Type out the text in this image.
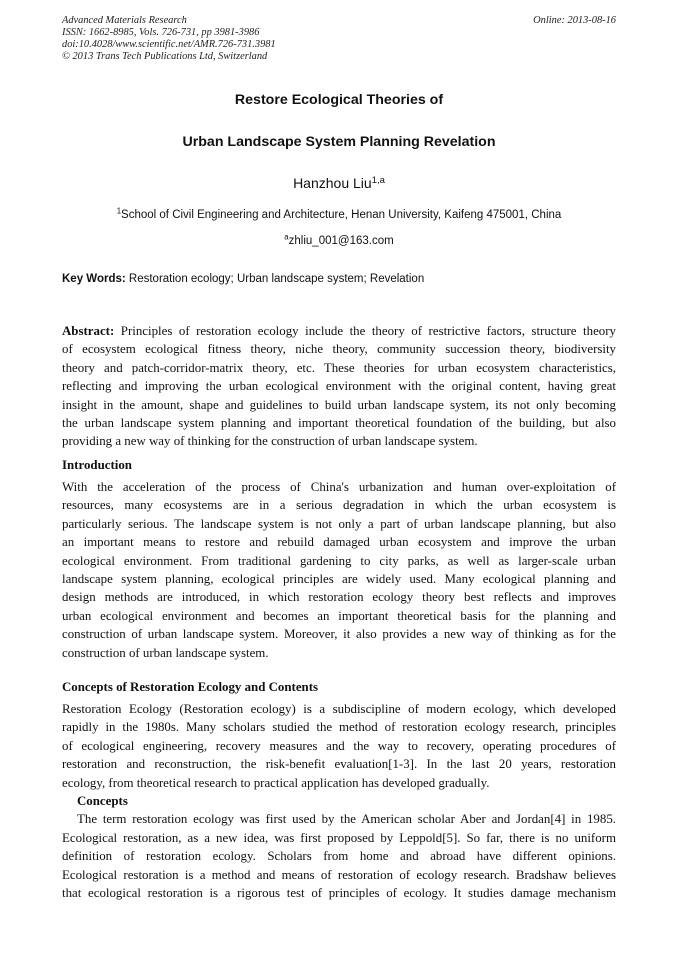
Advanced Materials Research
ISSN: 1662-8985, Vols. 726-731, pp 3981-3986
doi:10.4028/www.scientific.net/AMR.726-731.3981
© 2013 Trans Tech Publications Ltd, Switzerland
Online: 2013-08-16
Restore Ecological Theories of
Urban Landscape System Planning Revelation
Hanzhou Liu$^{1,a}$
$^1$School of Civil Engineering and Architecture, Henan University, Kaifeng 475001, China
$^a$zhliu_001@163.com
Key Words: Restoration ecology; Urban landscape system; Revelation
Abstract: Principles of restoration ecology include the theory of restrictive factors, structure theory
of ecosystem ecological fitness theory, niche theory, community succession theory, biodiversity
theory and patch-corridor-matrix theory, etc. These theories for urban ecosystem characteristics,
reflecting and improving the urban ecological environment with the original content, having great
insight in the amount, shape and guidelines to build urban landscape system, its not only becoming
the urban landscape system planning and important theoretical foundation of the building, but also
providing a new way of thinking for the construction of urban landscape system.
Introduction
With the acceleration of the process of China's urbanization and human over-exploitation of
resources, many ecosystems are in a serious degradation in which the urban ecosystem is
particularly serious. The landscape system is not only a part of urban landscape planning, but also
an important means to restore and rebuild damaged urban ecosystem and improve the urban
ecological environment. From traditional gardening to city parks, as well as larger-scale urban
landscape system planning, ecological principles are widely used. Many ecological planning and
design methods are introduced, in which restoration ecology theory best reflects and improves
urban ecological environment and becomes an important theoretical basis for the planning and
construction of urban landscape system. Moreover, it also provides a new way of thinking as for the
construction of urban landscape system.
Concepts of Restoration Ecology and Contents
Restoration Ecology (Restoration ecology) is a subdiscipline of modern ecology, which developed
rapidly in the 1980s. Many scholars studied the method of restoration ecology research, principles
of ecological engineering, recovery measures and the way to recovery, operating procedures of
restoration and reconstruction, the risk-benefit evaluation[1-3]. In the last 20 years, restoration
ecology, from theoretical research to practical application has developed gradually.
Concepts
The term restoration ecology was first used by the American scholar Aber and Jordan[4] in 1985.
Ecological restoration, as a new idea, was first proposed by Leppold[5]. So far, there is no uniform
definition of restoration ecology. Scholars from home and abroad have different opinions.
Ecological restoration is a method and means of restoration of ecology research. Bradshaw believes
that ecological restoration is a rigorous test of principles of ecology. It studies damage mechanism
